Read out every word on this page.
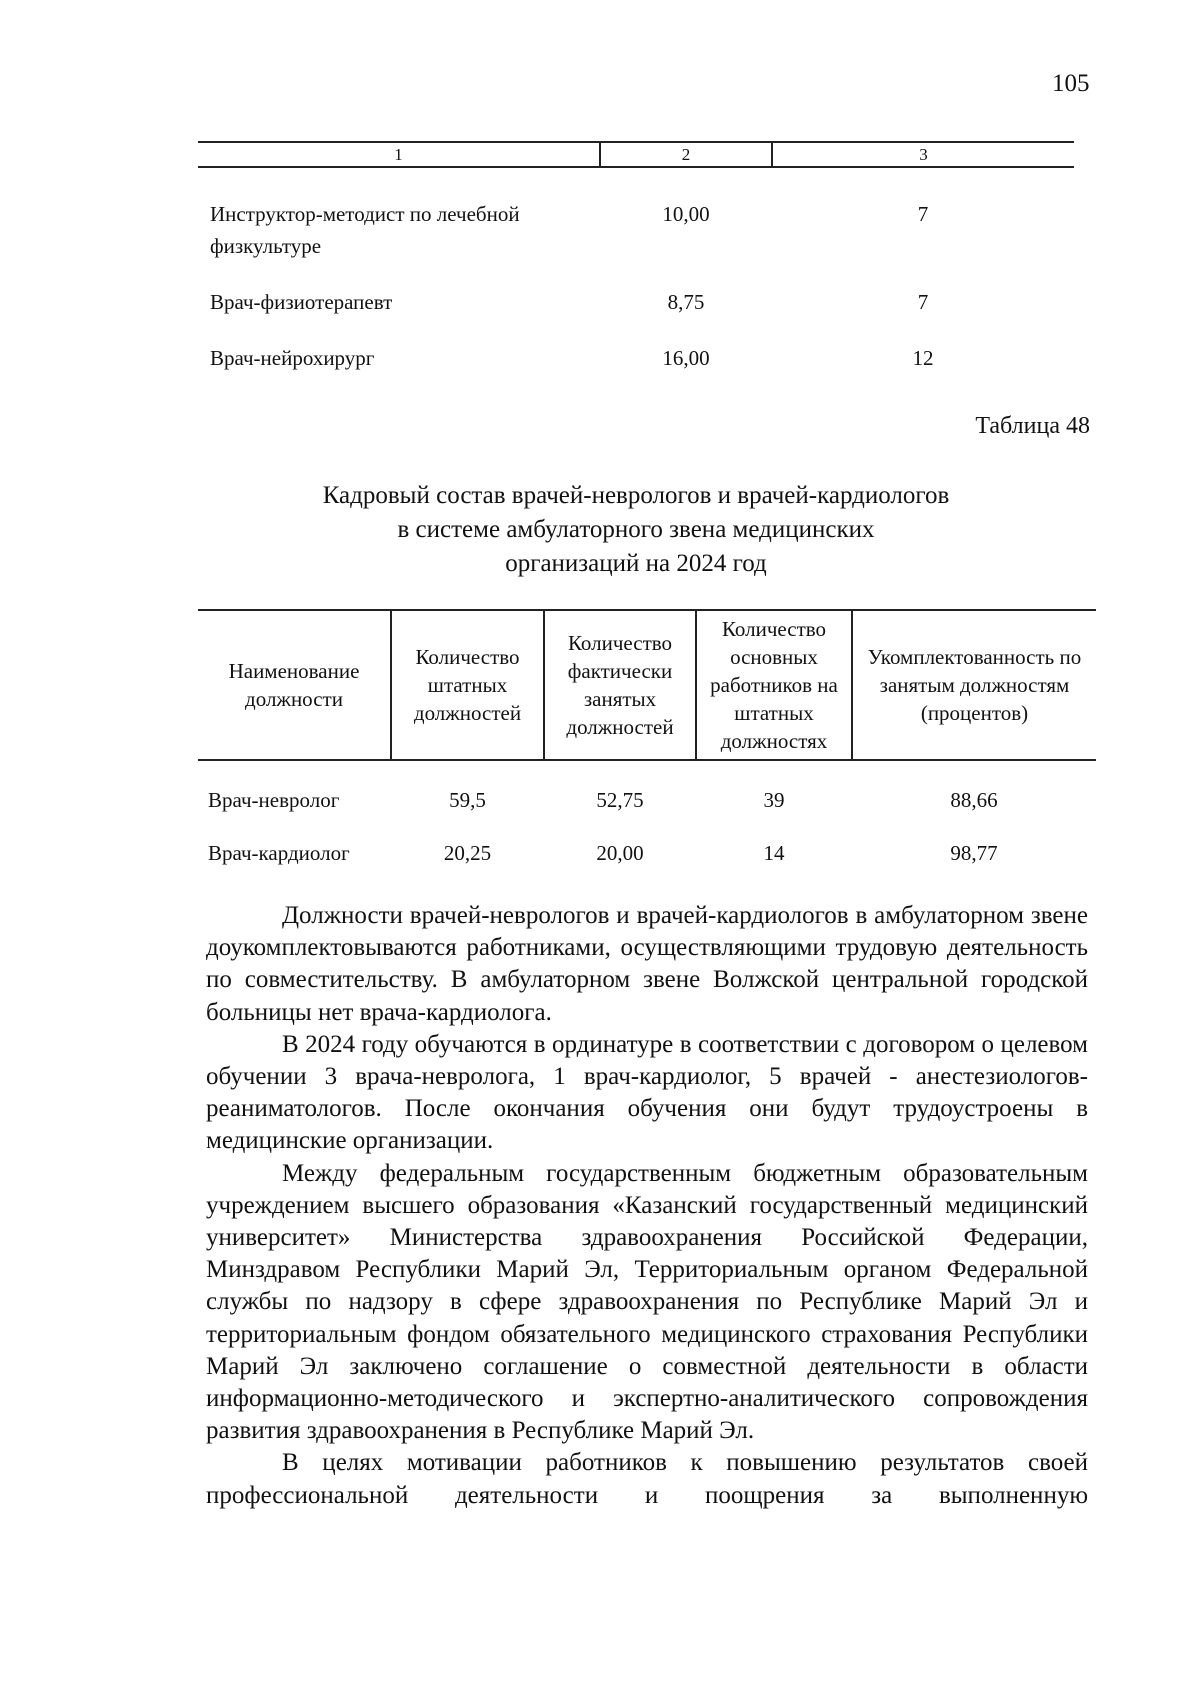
105
1	2	3
Инструктор-методист по лечебной физкультуре	10,00	7
Врач-физиотерапевт	8,75	7
Врач-нейрохирург	16,00	12
Таблица 48
Кадровый состав врачей-неврологов и врачей-кардиологов
в системе амбулаторного звена медицинских
организаций на 2024 год
Наименование должности	Количество штатных должностей	Количество фактически занятых должностей	Количество основных работников на штатных должностях	Укомплектованность по занятым должностям (процентов)
Врач-невролог	59,5	52,75	39	88,66
Врач-кардиолог	20,25	20,00	14	98,77

Должности врачей-неврологов и врачей-кардиологов в амбулаторном звене доукомплектовываются работниками, осуществляющими трудовую деятельность по совместительству. В амбулаторном звене Волжской центральной городской больницы нет врача-кардиолога.

В 2024 году обучаются в ординатуре в соответствии с договором о целевом обучении 3 врача-невролога, 1 врач-кардиолог, 5 врачей - анестезиологов-реаниматологов. После окончания обучения они будут трудоустроены в медицинские организации.

Между федеральным государственным бюджетным образовательным учреждением высшего образования «Казанский государственный медицинский университет» Министерства здравоохранения Российской Федерации, Минздравом Республики Марий Эл, Территориальным органом Федеральной службы по надзору в сфере здравоохранения по Республике Марий Эл и территориальным фондом обязательного медицинского страхования Республики Марий Эл заключено соглашение о совместной деятельности в области информационно-методического и экспертно-аналитического сопровождения развития здравоохранения в Республике Марий Эл.

В целях мотивации работников к повышению результатов своей профессиональной деятельности и поощрения за выполненную
